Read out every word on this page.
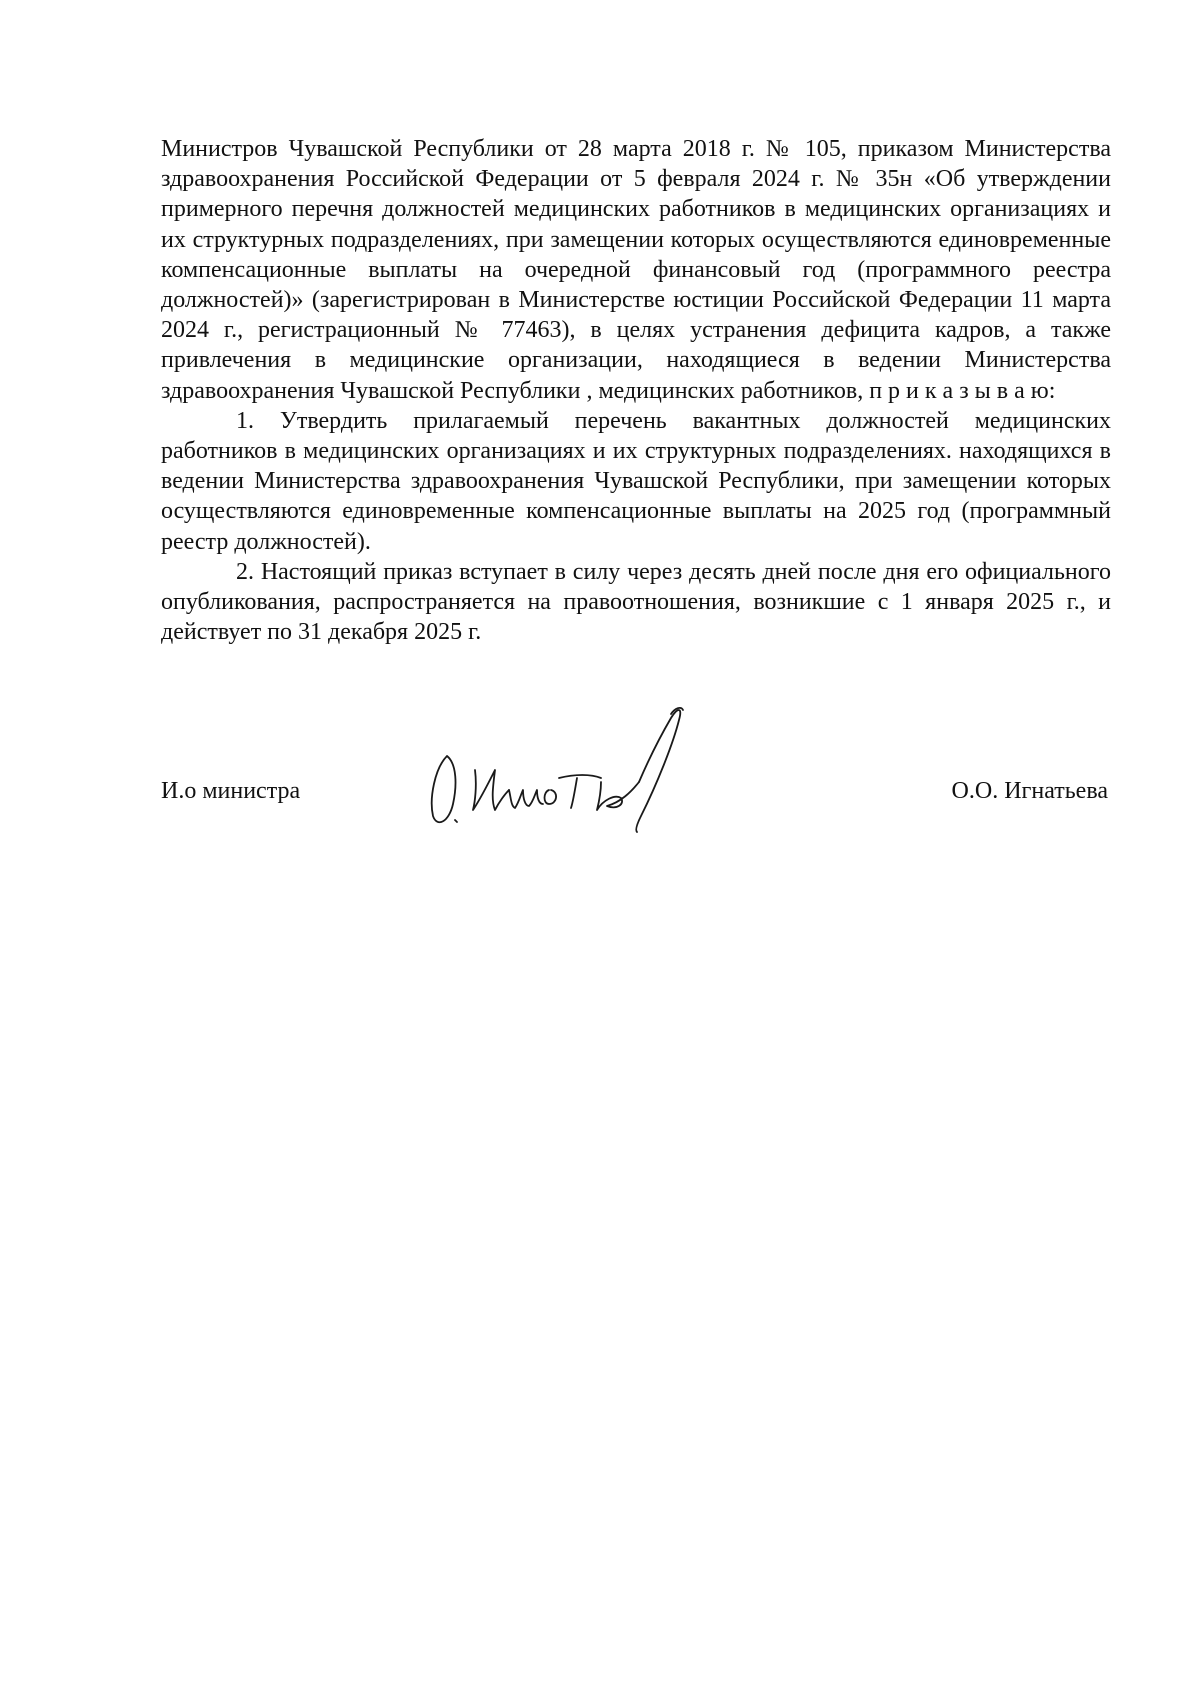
Министров Чувашской Республики от 28 марта 2018 г. № 105, приказом Министерства здравоохранения Российской Федерации от 5 февраля 2024 г. № 35н «Об утверждении примерного перечня должностей медицинских работников в медицинских организациях и их структурных подразделениях, при замещении которых осуществляются единовременные компенсационные выплаты на очередной финансовый год (программного реестра должностей)» (зарегистрирован в Министерстве юстиции Российской Федерации 11 марта 2024 г., регистрационный № 77463), в целях устранения дефицита кадров, а также привлечения в медицинские организации, находящиеся в ведении Министерства здравоохранения Чувашской Республики , медицинских работников, п р и к а з ы в а ю:

1. Утвердить прилагаемый перечень вакантных должностей медицинских работников в медицинских организациях и их структурных подразделениях. находящихся в ведении Министерства здравоохранения Чувашской Республики, при замещении которых осуществляются единовременные компенсационные выплаты на 2025 год (программный реестр должностей).

2. Настоящий приказ вступает в силу через десять дней после дня его официального опубликования, распространяется на правоотношения, возникшие с 1 января 2025 г., и действует по 31 декабря 2025 г.

И.о министра	О.О. Игнатьева
